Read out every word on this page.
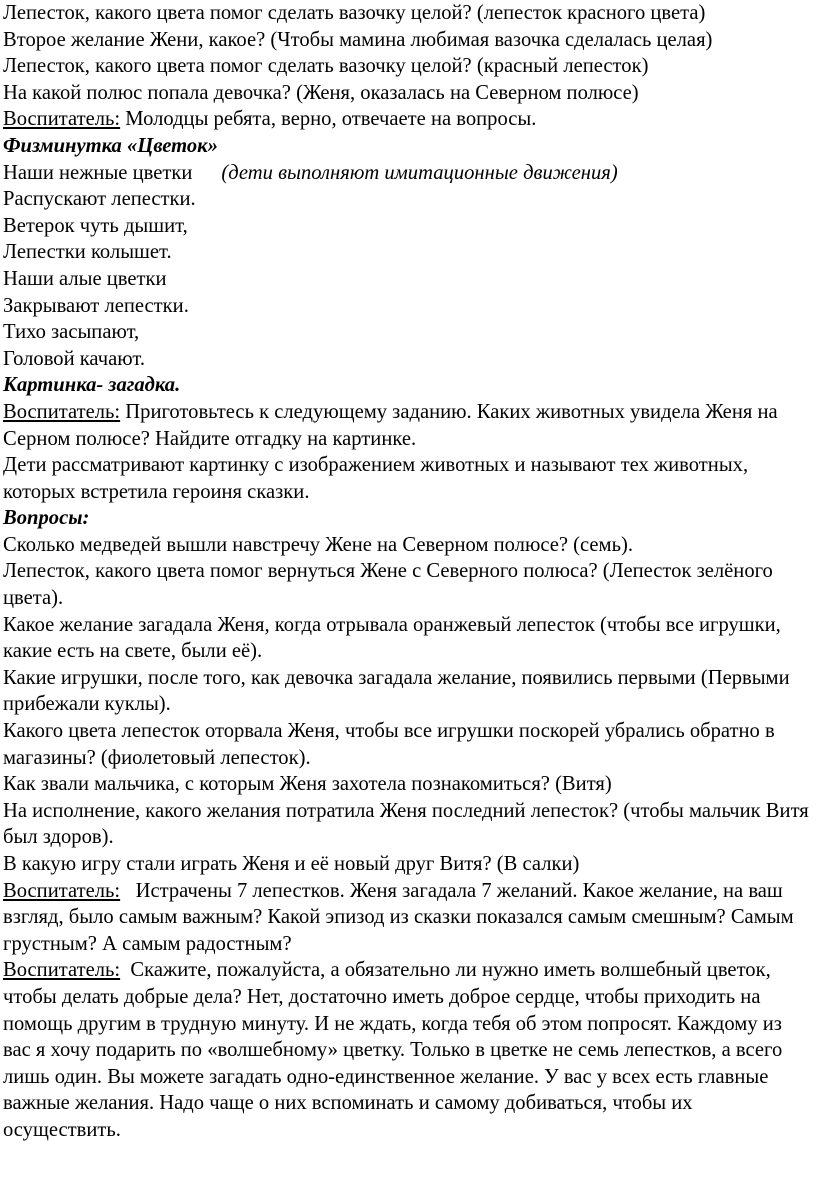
Лепесток, какого цвета помог сделать вазочку целой? (лепесток красного цвета)

Второе желание Жени, какое? (Чтобы мамина любимая вазочка сделалась целая)

Лепесток, какого цвета помог сделать вазочку целой? (красный лепесток)

На какой полюс попала девочка? (Женя, оказалась на Северном полюсе)

Воспитатель: Молодцы ребята, верно, отвечаете на вопросы.

Физминутка «Цветок»

Наши нежные цветки (дети выполняют имитационные движения)

Распускают лепестки.

Ветерок чуть дышит,

Лепестки колышет.

Наши алые цветки

Закрывают лепестки.

Тихо засыпают,

Головой качают.

Картинка- загадка.

Воспитатель: Приготовьтесь к следующему заданию. Каких животных увидела Женя на Серном полюсе? Найдите отгадку на картинке.

Дети рассматривают картинку с изображением животных и называют тех животных, которых встретила героиня сказки.

Вопросы:

Сколько медведей вышли навстречу Жене на Северном полюсе? (семь).

Лепесток, какого цвета помог вернуться Жене с Северного полюса? (Лепесток зелёного цвета).

Какое желание загадала Женя, когда отрывала оранжевый лепесток (чтобы все игрушки, какие есть на свете, были её).

Какие игрушки, после того, как девочка загадала желание, появились первыми (Первыми прибежали куклы).

Какого цвета лепесток оторвала Женя, чтобы все игрушки поскорей убрались обратно в магазины? (фиолетовый лепесток).

Как звали мальчика, с которым Женя захотела познакомиться? (Витя)

На исполнение, какого желания потратила Женя последний лепесток? (чтобы мальчик Витя был здоров).

В какую игру стали играть Женя и её новый друг Витя? (В салки)

Воспитатель:   Истрачены 7 лепестков. Женя загадала 7 желаний. Какое желание, на ваш взгляд, было самым важным? Какой эпизод из сказки показался самым смешным? Самым грустным? А самым радостным?

Воспитатель:  Скажите, пожалуйста, а обязательно ли нужно иметь волшебный цветок, чтобы делать добрые дела? Нет, достаточно иметь доброе сердце, чтобы приходить на помощь другим в трудную минуту. И не ждать, когда тебя об этом попросят. Каждому из вас я хочу подарить по «волшебному» цветку. Только в цветке не семь лепестков, а всего лишь один. Вы можете загадать одно-единственное желание. У вас у всех есть главные важные желания. Надо чаще о них вспоминать и самому добиваться, чтобы их осуществить.
